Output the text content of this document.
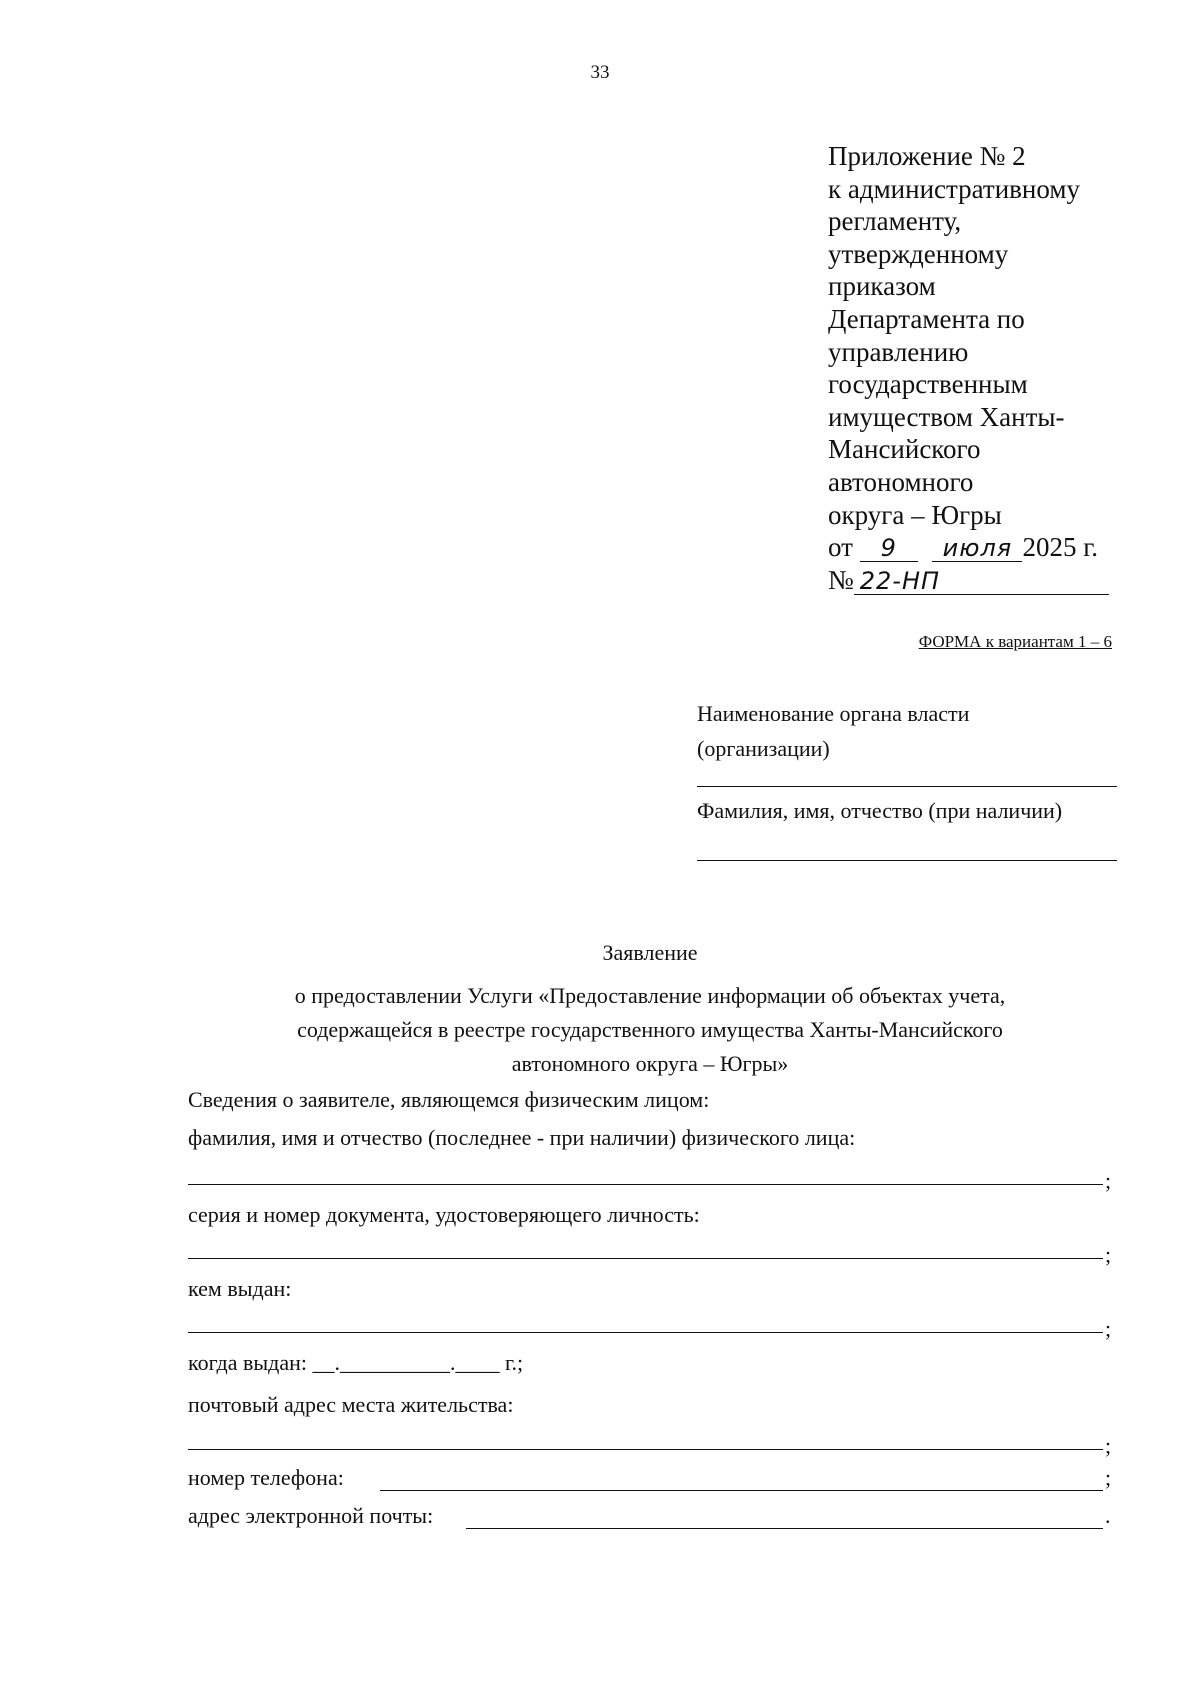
33
Приложение № 2
к административному
регламенту,
утвержденному
приказом
Департамента по
управлению
государственным
имуществом Ханты-
Мансийского
автономного
округа – Югры
от 9 июля 2025 г.
№ 22-НП
ФОРМА к вариантам 1 – 6
Наименование органа власти
(организации)
Фамилия, имя, отчество (при наличии)
Заявление
о предоставлении Услуги «Предоставление информации об объектах учета,
содержащейся в реестре государственного имущества Ханты-Мансийского
автономного округа – Югры»
Сведения о заявителе, являющемся физическим лицом:
фамилия, имя и отчество (последнее - при наличии) физического лица:
;
серия и номер документа, удостоверяющего личность:
;
кем выдан:
;
когда выдан: __.__________.____ г.;
почтовый адрес места жительства:
;
номер телефона:	;
адрес электронной почты:	.
